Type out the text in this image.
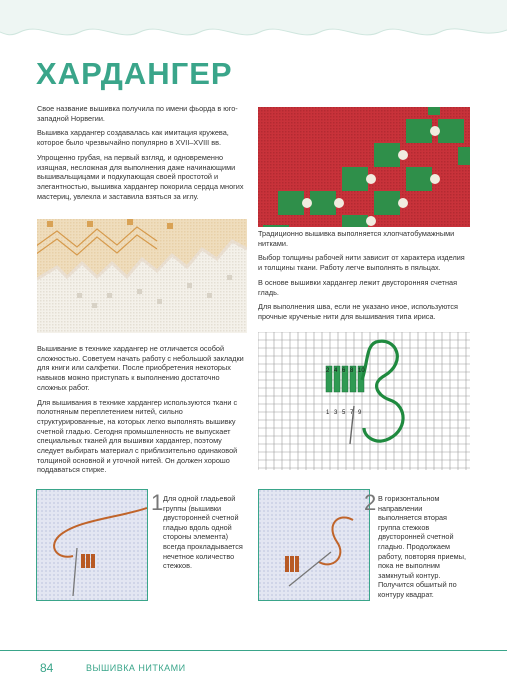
ХАРДАНГЕР

Свое название вышивка получила по имени фьорда в юго-западной Норвегии.

Вышивка хардангер создавалась как имитация кружева, которое было чрезвычайно популярно в XVII–XVIII вв.

Упрощенно грубая, на первый взгляд, и одновременно изящная, несложная для выполнения даже начинающими вышивальщицами и подкупающая своей простотой и элегантностью, вышивка хардангер покорила сердца многих мастериц, увлекла и заставила взяться за иглу.

Вышивание в технике хардангер не отличается особой сложностью. Советуем начать работу с небольшой закладки для книги или салфетки. После приобретения некоторых навыков можно приступать к выполнению достаточно сложных работ.

Для вышивания в технике хардангер используются ткани с полотняным переплетением нитей, сильно структурированные, на которых легко выполнять вышивку счетной гладью. Сегодня промышленность не выпускает специальных тканей для вышивки хардангер, поэтому следует выбирать материал с приблизительно одинаковой толщиной основной и уточной нитей. Он должен хорошо поддаваться стирке.

Традиционно вышивка выполняется хлопчатобумажными нитками.

Выбор толщины рабочей нити зависит от характера изделия и толщины ткани. Работу легче выполнять в пяльцах.

В основе вышивки хардангер лежит двусторонняя счетная гладь.

Для выполнения шва, если не указано иное, используются прочные крученые нити для вышивания типа ириса.

2 4 6 8 10
1 3 5 7 9
1 Для одной гладьевой группы (вышивки двусторонней счетной гладью вдоль одной стороны элемента) всегда прокладывается нечетное количество стежков.
2 В горизонтальном направлении выполняется вторая группа стежков двусторонней счетной гладью. Продолжаем работу, повторяя приемы, пока не выполним замкнутый контур. Получится обшитый по контуру квадрат.
84	ВЫШИВКА НИТКАМИ
